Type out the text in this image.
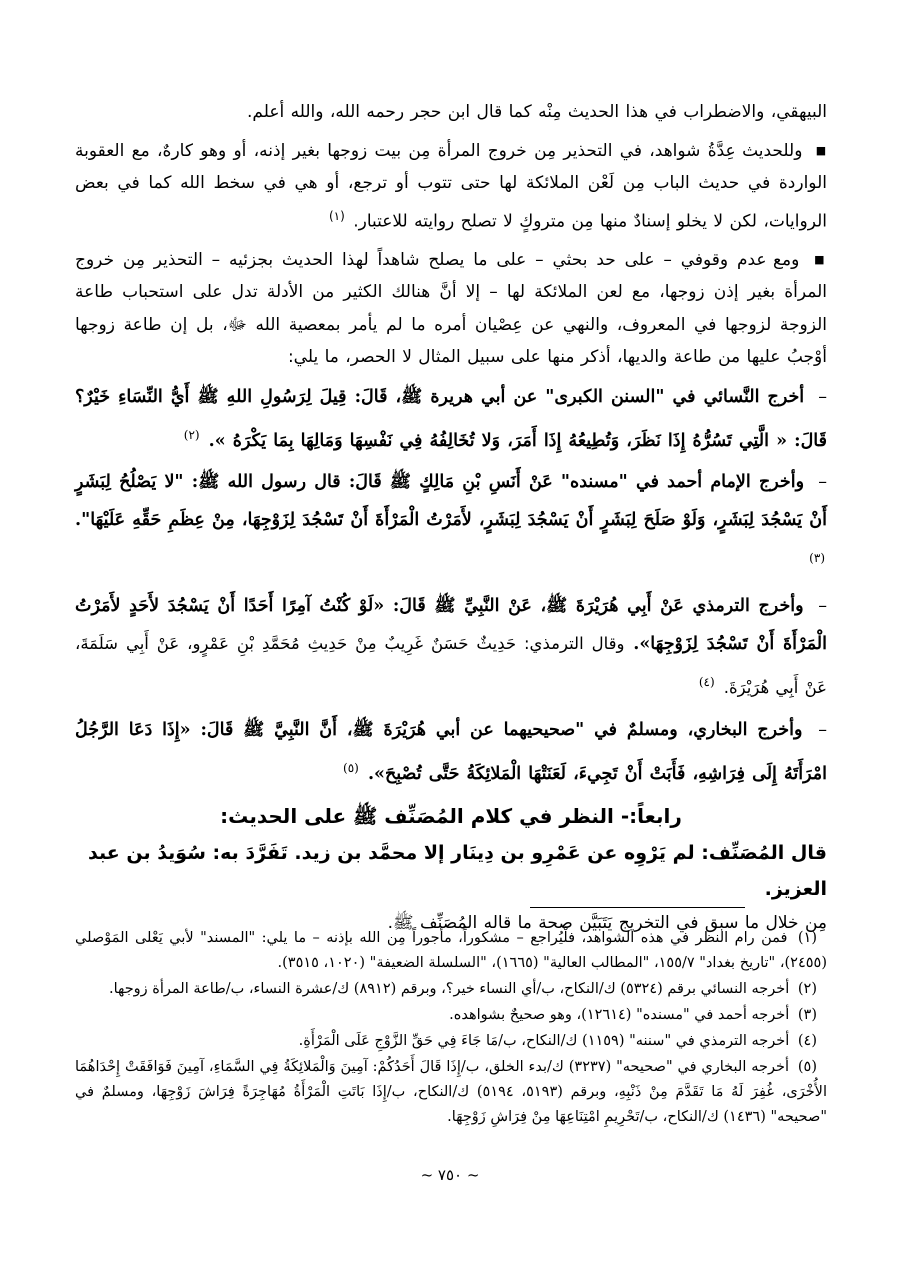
البيهقي، والاضطراب في هذا الحديث مِنْه كما قال ابن حجر رحمه الله، والله أعلم.

■ وللحديث عِدَّةُ شواهد، في التحذير مِن خروج المرأة مِن بيت زوجها بغير إذنه، أو وهو كارهٌ، مع العقوبة الواردة في حديث الباب مِن لَعْن الملائكة لها حتى تتوب أو ترجع، أو هي في سخط الله كما في بعض الروايات، لكن لا يخلو إسنادٌ منها مِن متروكٍ لا تصلح روايته للاعتبار. $^{(١)}$

■ ومع عدم وقوفي – على حد بحثي – على ما يصلح شاهداً لهذا الحديث بجزئيه – التحذير مِن خروج المرأة بغير إذن زوجها، مع لعن الملائكة لها – إلا أنَّ هنالك الكثير من الأدلة تدل على استحباب طاعة الزوجة لزوجها في المعروف، والنهي عن عِصْيان أمره ما لم يأمر بمعصية الله ﷻ، بل إن طاعة زوجها أوْجبُ عليها من طاعة والديها، أذكر منها على سبيل المثال لا الحصر، ما يلي:

– أخرج النَّسائي في "السنن الكبرى" عن أبي هريرة ﷺ، قَالَ: قِيلَ لِرَسُولِ اللهِ ﷺ أَيُّ النِّسَاءِ خَيْرٌ؟ قَالَ: « الَّتِي تَسُرُّهُ إِذَا نَظَرَ، وَتُطِيعُهُ إِذَا أَمَرَ، وَلا تُخَالِفُهُ فِي نَفْسِهَا وَمَالِهَا بِمَا يَكْرَهُ ». $^{(٢)}$

– وأخرج الإمام أحمد في "مسنده" عَنْ أَنَسِ بْنِ مَالِكٍ ﷺ قَالَ: قال رسول الله ﷺ: "لا يَصْلُحُ لِبَشَرٍ أَنْ يَسْجُدَ لِبَشَرٍ، وَلَوْ صَلَحَ لِبَشَرٍ أَنْ يَسْجُدَ لِبَشَرٍ، لأَمَرْتُ الْمَرْأَةَ أَنْ تَسْجُدَ لِزَوْجِهَا، مِنْ عِظَمِ حَقِّهِ عَلَيْهَا". $^{(٣)}$

– وأخرج الترمذي عَنْ أَبِي هُرَيْرَةَ ﷺ، عَنْ النَّبِيِّ ﷺ قَالَ: «لَوْ كُنْتُ آمِرًا أَحَدًا أَنْ يَسْجُدَ لأَحَدٍ لأَمَرْتُ الْمَرْأَةَ أَنْ تَسْجُدَ لِزَوْجِهَا». وقال الترمذي: حَدِيثٌ حَسَنٌ غَرِيبٌ مِنْ حَدِيثِ مُحَمَّدِ بْنِ عَمْرٍو، عَنْ أَبِي سَلَمَةَ، عَنْ أَبِي هُرَيْرَةَ. $^{(٤)}$

– وأخرج البخاري، ومسلمٌ في "صحيحيهما عن أبي هُرَيْرَةَ ﷺ، أَنَّ النَّبِيَّ ﷺ قَالَ: «إِذَا دَعَا الرَّجُلُ امْرَأَتَهُ إِلَى فِرَاشِهِ، فَأَبَتْ أَنْ تَجِيءَ، لَعَنَتْهَا الْمَلائِكَةُ حَتَّى تُصْبِحَ». $^{(٥)}$

رابعاً:- النظر في كلام المُصَنِّف ﷺ على الحديث:

قال المُصَنِّف: لم يَرْوِه عن عَمْرِو بن دِينَار إلا محمَّد بن زيد. تَفَرَّدَ به: سُوَيدُ بن عبد العزيز.

مِن خلال ما سبق في التخريج يَتَبَيَّن صحة ما قاله المُصَنِّف ﷺ.

(١) فمن رام النظر في هذه الشواهد، فلْيُراجع – مشكوراً، مأجوراً مِن الله بإذنه – ما يلي: "المسند" لأبي يَعْلى المَوْصلي (٢٤٥٥)، "تاريخ بغداد" ١٥٥/٧، "المطالب العالية" (١٦٦٥)، "السلسلة الضعيفة" (١٠٢٠، ٣٥١٥).

(٢) أخرجه النسائي برقم (٥٣٢٤) ك/النكاح، ب/أي النساء خير؟، وبرقم (٨٩١٢) ك/عشرة النساء، ب/طاعة المرأة زوجها.

(٣) أخرجه أحمد في "مسنده" (١٢٦١٤)، وهو صحيحٌ بشواهده.

(٤) أخرجه الترمذي في "سننه" (١١٥٩) ك/النكاح، ب/مَا جَاءَ فِي حَقِّ الزَّوْجِ عَلَى الْمَرْأَةِ.

(٥) أخرجه البخاري في "صحيحه" (٣٢٣٧) ك/بدء الخلق، ب/إِذَا قَالَ أَحَدُكُمْ: آمِينَ وَالْمَلائِكَةُ فِي السَّمَاءِ، آمِينَ فَوَافَقَتْ إِحْدَاهُمَا الأُخْرَى، غُفِرَ لَهُ مَا تَقَدَّمَ مِنْ ذَنْبِهِ، وبرقم (٥١٩٣، ٥١٩٤) ك/النكاح، ب/إِذَا بَاتَتِ الْمَرْأَةُ مُهَاجِرَةً فِرَاشَ زَوْجِهَا، ومسلمٌ في "صحيحه" (١٤٣٦) ك/النكاح، ب/تَحْرِيمِ امْتِنَاعِهَا مِنْ فِرَاشِ زَوْجِهَا.

~ ٧٥٠ ~
